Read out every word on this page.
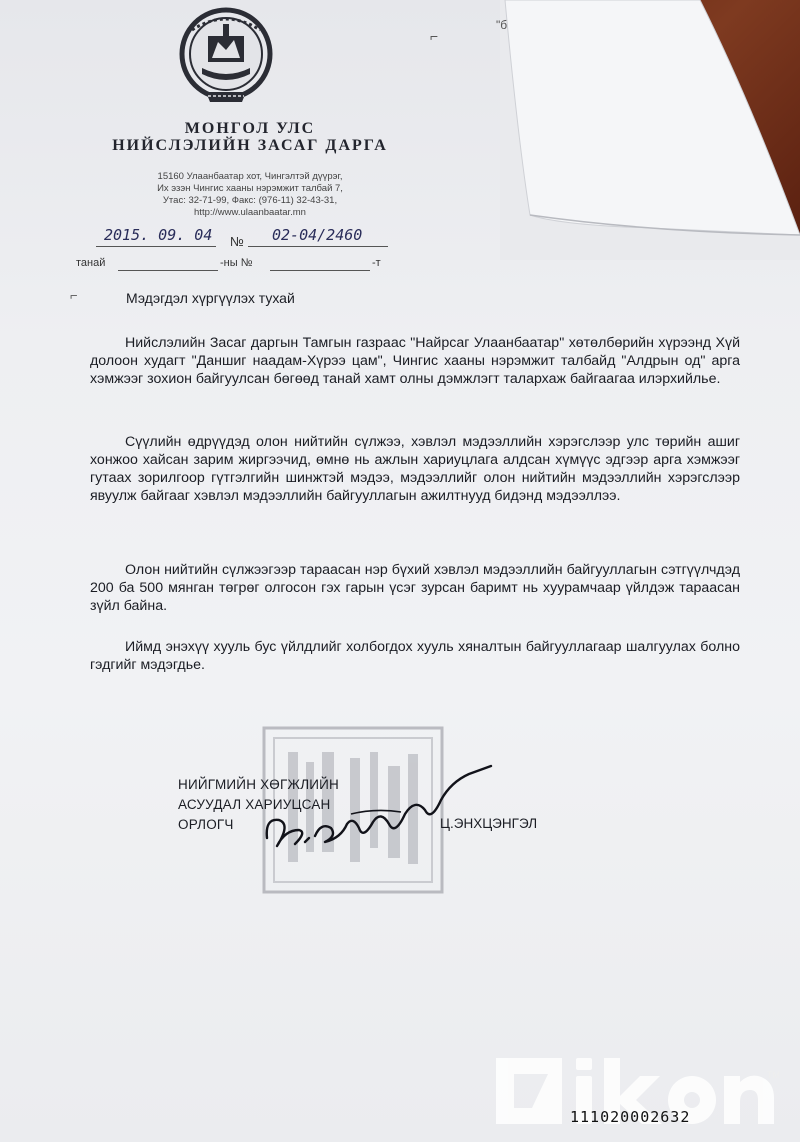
"б
⌐
МОНГОЛ УЛС
НИЙСЛЭЛИЙН ЗАСАГ ДАРГА
15160 Улаанбаатар хот, Чингэлтэй дүүрэг,
Их эзэн Чингис хааны нэрэмжит талбай 7,
Утас: 32-71-99, Факс: (976-11) 32-43-31,
http://www.ulaanbaatar.mn
2015. 09. 04 № 02-04/2460
танай	-ны №	-т
⌐	Мэдэгдэл хүргүүлэх тухай
Нийслэлийн Засаг даргын Тамгын газраас "Найрсаг Улаанбаатар" хөтөлбөрийн хүрээнд Хүй долоон худагт "Даншиг наадам-Хүрээ цам", Чингис хааны нэрэмжит талбайд "Алдрын од" арга хэмжээг зохион байгуулсан бөгөөд танай хамт олны дэмжлэгт талархаж байгаагаа илэрхийлье.
Сүүлийн өдрүүдэд олон нийтийн сүлжээ, хэвлэл мэдээллийн хэрэгслээр улс төрийн ашиг хонжоо хайсан зарим жиргээчид, өмнө нь ажлын хариуцлага алдсан хүмүүс эдгээр арга хэмжээг гутаах зорилгоор гүтгэлгийн шинжтэй мэдээ, мэдээллийг олон нийтийн мэдээллийн хэрэгслээр явуулж байгааг хэвлэл мэдээллийн байгууллагын ажилтнууд бидэнд мэдээллээ.
Олон нийтийн сүлжээгээр тараасан нэр бүхий хэвлэл мэдээллийн байгууллагын сэтгүүлчдэд 200 ба 500 мянган төгрөг олгосон гэх гарын үсэг зурсан баримт нь хуурамчаар үйлдэж тараасан зүйл байна.
Иймд энэхүү хууль бус үйлдлийг холбогдох хууль хяналтын байгууллагаар шалгуулах болно гэдгийг мэдэгдье.
НИЙГМИЙН ХӨГЖЛИЙН
АСУУДАЛ ХАРИУЦСАН
ОРЛОГЧ	Ц.ЭНХЦЭНГЭЛ
TM
111020002632
